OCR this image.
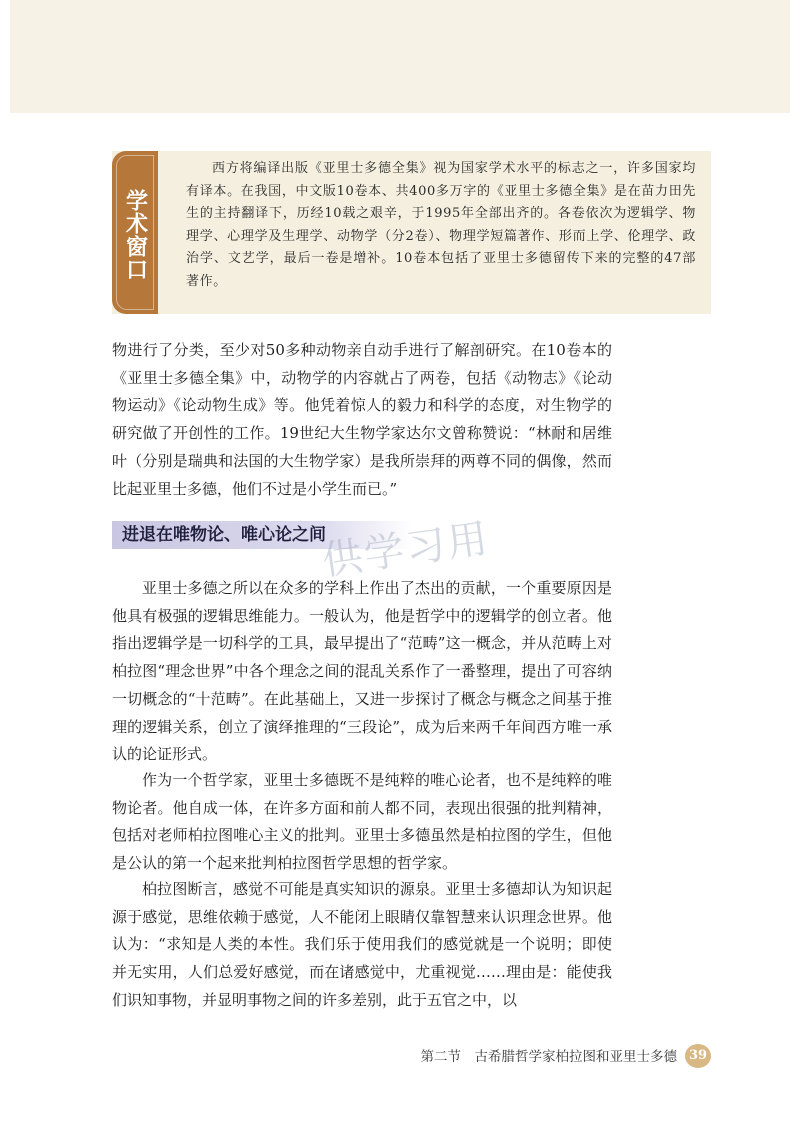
学术窗口

西方将编译出版《亚里士多德全集》视为国家学术水平的标志之一，许多国家均有译本。在我国，中文版10卷本、共400多万字的《亚里士多德全集》是在苗力田先生的主持翻译下，历经10载之艰辛，于1995年全部出齐的。各卷依次为逻辑学、物理学、心理学及生理学、动物学（分2卷）、物理学短篇著作、形而上学、伦理学、政治学、文艺学，最后一卷是增补。10卷本包括了亚里士多德留传下来的完整的47部著作。

物进行了分类，至少对50多种动物亲自动手进行了解剖研究。在10卷本的《亚里士多德全集》中，动物学的内容就占了两卷，包括《动物志》《论动物运动》《论动物生成》等。他凭着惊人的毅力和科学的态度，对生物学的研究做了开创性的工作。19世纪大生物学家达尔文曾称赞说：“林耐和居维叶（分别是瑞典和法国的大生物学家）是我所崇拜的两尊不同的偶像，然而比起亚里士多德，他们不过是小学生而已。”

进退在唯物论、唯心论之间
供学习用

亚里士多德之所以在众多的学科上作出了杰出的贡献，一个重要原因是他具有极强的逻辑思维能力。一般认为，他是哲学中的逻辑学的创立者。他指出逻辑学是一切科学的工具，最早提出了“范畴”这一概念，并从范畴上对柏拉图“理念世界”中各个理念之间的混乱关系作了一番整理，提出了可容纳一切概念的“十范畴”。在此基础上，又进一步探讨了概念与概念之间基于推理的逻辑关系，创立了演绎推理的“三段论”，成为后来两千年间西方唯一承认的论证形式。

作为一个哲学家，亚里士多德既不是纯粹的唯心论者，也不是纯粹的唯物论者。他自成一体，在许多方面和前人都不同，表现出很强的批判精神，包括对老师柏拉图唯心主义的批判。亚里士多德虽然是柏拉图的学生，但他是公认的第一个起来批判柏拉图哲学思想的哲学家。

柏拉图断言，感觉不可能是真实知识的源泉。亚里士多德却认为知识起源于感觉，思维依赖于感觉，人不能闭上眼睛仅靠智慧来认识理念世界。他认为：“求知是人类的本性。我们乐于使用我们的感觉就是一个说明；即使并无实用，人们总爱好感觉，而在诸感觉中，尤重视觉……理由是：能使我们识知事物，并显明事物之间的许多差别，此于五官之中，以

第二节　古希腊哲学家柏拉图和亚里士多德 39
